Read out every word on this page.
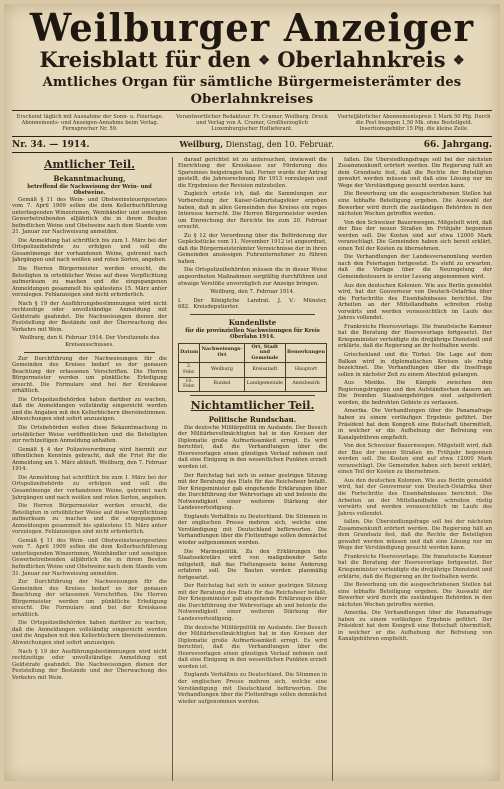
Weilburger Anzeiger
Kreisblatt für den ❖ Oberlahnkreis ❖
Amtliches Organ für sämtliche Bürgermeisterämter des Oberlahnkreises
Erscheint täglich mit Ausnahme der Sonn- u. Feiertage. Abonnements- und Anzeigen-Annahme beim Verlag. Fernsprecher Nr. 59.
Verantwortlicher Redakteur: Fr. Cramer, Weilburg. Druck und Verlag von A. Cramer, Großherzoglich Luxemburgischer Hoflieferant.
Vierteljährlicher Abonnementspreis 1 Mark 50 Pfg. Durch die Post bezogen 1,50 Mk. ohne Bestellgeld. Insertionsgebühr 15 Pfg. die kleine Zeile.
Nr. 34. — 1914.	Weilburg, Dienstag, den 10. Februar.	66. Jahrgang.
Amtlicher Teil.
Bekanntmachung,
betreffend die Nachweisung der Wein- und Obstweine.

Gemäß § 11 des Wein- und Obstweinsteuergesetzes vom 7. April 1909 sollen die dem Kellerbuchführung unterliegenden Winzerinnen, Weinhändler und sonstigen Gewerbetreibenden alljährlich die in ihrem Besitze befindlichen Weine und Obstweine nach dem Stande vom 31. Januar zur Nachweisung anmelden.

Die Anmeldung hat schriftlich bis zum 1. März bei der Ortspolizeibehörde zu erfolgen und soll die Gesamtmenge der vorhandenen Weine, getrennt nach Jahrgängen und nach weißen und roten Sorten, angeben.

Die Herren Bürgermeister werden ersucht, die Beteiligten in ortsüblicher Weise auf diese Verpflichtung aufmerksam zu machen und die eingegangenen Anmeldungen gesammelt bis spätestens 15. März anher vorzulegen. Fehlanzeigen sind nicht erforderlich.

Nach § 19 der Ausführungsbestimmungen wird nicht rechtzeitige oder unvollständige Anmeldung mit Geldstrafe geahndet. Die Nachweisungen dienen der Feststellung der Bestände und der Überwachung des Verkehrs mit Wein.

Weilburg, den 6. Februar 1914. Der Vorsitzende des Kreisausschusses.

Zur Durchführung der Nachweisungen für die Gemeinden des Kreises bedarf es der genauen Beachtung der erlassenen Vorschriften. Die Herren Bürgermeister werden um pünktliche Erledigung ersucht. Die Formulare sind bei der Kreiskasse erhältlich.

Die Ortspolizeibehörden haben darüber zu wachen, daß die Anmeldungen vollständig eingereicht werden und die Angaben mit den Kellerbüchern übereinstimmen. Abweichungen sind sofort anzuzeigen.

Die Ortsbehörden wollen diese Bekanntmachung in ortsüblicher Weise veröffentlichen und die Beteiligten zur rechtzeitigen Anmeldung anhalten.

Gemäß § 4 der Polizeiverordnung wird hiermit zur öffentlichen Kenntnis gebracht, daß die Frist für die Anmeldung am 1. März abläuft. Weilburg, den 7. Februar 1914.

Die Anmeldung hat schriftlich bis zum 1. März bei der Ortspolizeibehörde zu erfolgen und soll die Gesamtmenge der vorhandenen Weine, getrennt nach Jahrgängen und nach weißen und roten Sorten, angeben.

Die Herren Bürgermeister werden ersucht, die Beteiligten in ortsüblicher Weise auf diese Verpflichtung aufmerksam zu machen und die eingegangenen Anmeldungen gesammelt bis spätestens 15. März anher vorzulegen. Fehlanzeigen sind nicht erforderlich.

Gemäß § 11 des Wein- und Obstweinsteuergesetzes vom 7. April 1909 sollen die dem Kellerbuchführung unterliegenden Winzerinnen, Weinhändler und sonstigen Gewerbetreibenden alljährlich die in ihrem Besitze befindlichen Weine und Obstweine nach dem Stande vom 31. Januar zur Nachweisung anmelden.

Zur Durchführung der Nachweisungen für die Gemeinden des Kreises bedarf es der genauen Beachtung der erlassenen Vorschriften. Die Herren Bürgermeister werden um pünktliche Erledigung ersucht. Die Formulare sind bei der Kreiskasse erhältlich.

Die Ortspolizeibehörden haben darüber zu wachen, daß die Anmeldungen vollständig eingereicht werden und die Angaben mit den Kellerbüchern übereinstimmen. Abweichungen sind sofort anzuzeigen.

Nach § 19 der Ausführungsbestimmungen wird nicht rechtzeitige oder unvollständige Anmeldung mit Geldstrafe geahndet. Die Nachweisungen dienen der Feststellung der Bestände und der Überwachung des Verkehrs mit Wein.

darauf gerichtet ist zu untersuchen, inwieweit die Einrichtung der Kreiskasse zur Förderung des Sparsinnes beigetragen hat. Ferner wurde der Antrag gestellt, die Jahresrechnung für 1913 vorzulegen und die Ergebnisse der Revision mitzuteilen.

Zugleich erteile ich, daß die Sammlungen zur Vorbereitung der Kaiser-Geburtstagsfeier ergeben haben, daß in allen Gemeinden des Kreises ein reges Interesse herrscht. Die Herren Bürgermeister werden um Einreichung der Berichte bis zum 20. Februar ersucht.

Zu § 12 der Verordnung über die Beförderung der Gepäckstücke vom 11. November 1912 ist angeordnet, daß die Bürgermeisterämter Verzeichnisse der in ihren Gemeinden ansässigen Fuhrunternehmer zu führen haben.

Die Ortspolizeibehörden müssen die in dieser Weise angeordneten Maßnahmen sorgfältig durchführen und etwaige Verstöße unverzüglich zur Anzeige bringen.

Weilburg, den 7. Februar 1914.

I. 682.
Der Königliche Landrat. J. V.: Münster, Kreisdeputierter.
Kundenliste
für die provinziellen Nachweisungen für Kreis Oberlahn 1914.
Datum	Nachweisungs-Ort	Ort, Stadt und Gemeinde	Bemerkungen
2. Febr.	Weilburg	Kreisstadt	Hauptort
10. Febr.	Runkel	Landgemeinde	Amtsbezirk
Nichtamtlicher Teil.
Politische Rundschau.

Die deutsche Militärpolitik im Auslande. Der Besuch der Militärbevollmächtigten hat in den Kreisen der Diplomatie große Aufmerksamkeit erregt. Es wird berichtet, daß die Verhandlungen über die Heeresvorlagen einen günstigen Verlauf nehmen und daß eine Einigung in den wesentlichen Punkten erzielt worden ist.

Der Reichstag hat sich in seiner gestrigen Sitzung mit der Beratung des Etats für das Reichsheer befaßt. Der Kriegsminister gab eingehende Erklärungen über die Durchführung der Wehrvorlage ab und betonte die Notwendigkeit einer weiteren Stärkung der Landesverteidigung.

Englands Verhältnis zu Deutschland. Die Stimmen in der englischen Presse mehren sich, welche eine Verständigung mit Deutschland befürworten. Die Verhandlungen über die Flottenfrage sollen demnächst wieder aufgenommen werden.

Die Marinepolitik. Zu den Erklärungen des Staatssekretärs wird von maßgebender Seite mitgeteilt, daß das Flottengesetz keine Änderung erfahren soll. Die Bauten werden planmäßig fortgesetzt.

Der Reichstag hat sich in seiner gestrigen Sitzung mit der Beratung des Etats für das Reichsheer befaßt. Der Kriegsminister gab eingehende Erklärungen über die Durchführung der Wehrvorlage ab und betonte die Notwendigkeit einer weiteren Stärkung der Landesverteidigung.

Die deutsche Militärpolitik im Auslande. Der Besuch der Militärbevollmächtigten hat in den Kreisen der Diplomatie große Aufmerksamkeit erregt. Es wird berichtet, daß die Verhandlungen über die Heeresvorlagen einen günstigen Verlauf nehmen und daß eine Einigung in den wesentlichen Punkten erzielt worden ist.

Englands Verhältnis zu Deutschland. Die Stimmen in der englischen Presse mehren sich, welche eine Verständigung mit Deutschland befürworten. Die Verhandlungen über die Flottenfrage sollen demnächst wieder aufgenommen werden.

fallen. Die Übersiedlungsfrage soll bei der nächsten Zusammenkunft erörtert werden. Die Regierung hält an dem Grundsatz fest, daß die Rechte der Beteiligten gewahrt werden müssen und daß eine Lösung nur im Wege der Verständigung gesucht werden kann.

Die Bewerbung um die ausgeschriebenen Stellen hat eine lebhafte Beteiligung ergeben. Die Auswahl der Bewerber wird durch die zuständigen Behörden in den nächsten Wochen getroffen werden.

Von den Schweizer Bauernwegen. Mitgeteilt wird, daß der Bau der neuen Straßen im Frühjahr begonnen werden soll. Die Kosten sind auf etwa 12000 Mark veranschlagt. Die Gemeinden haben sich bereit erklärt, einen Teil der Kosten zu übernehmen.

Die Verhandlungen der Landesversammlung werden nach den Feiertagen fortgesetzt. Es steht zu erwarten, daß die Vorlage über die Neuregelung der Gemeindesteuern in erster Lesung angenommen wird.

Aus den deutschen Kolonien. Wie aus Berlin gemeldet wird, hat der Gouverneur von Deutsch-Ostafrika über die Fortschritte des Eisenbahnbaues berichtet. Die Arbeiten an der Mittellandbahn schreiten rüstig vorwärts und werden voraussichtlich im Laufe des Jahres vollendet.

Frankreichs Heeresvorlage. Die französische Kammer hat die Beratung der Heeresvorlage fortgesetzt. Der Kriegsminister verteidigte die dreijährige Dienstzeit und erklärte, daß die Regierung an ihr festhalten werde.

Griechenland und die Türkei. Die Lage auf dem Balkan wird in diplomatischen Kreisen als ruhig bezeichnet. Die Verhandlungen über die Inselfrage sollen in nächster Zeit zu einem Abschluß gelangen.

Aus Mexiko. Die Kämpfe zwischen den Regierungstruppen und den Aufständischen dauern an. Die fremden Staatsangehörigen sind aufgefordert worden, die bedrohten Gebiete zu verlassen.

Amerika. Die Verhandlungen über die Panamafrage haben zu einem vorläufigen Ergebnis geführt. Der Präsident hat dem Kongreß eine Botschaft übermittelt, in welcher er die Aufhebung der Befreiung von Kanalgebühren empfiehlt.

Von den Schweizer Bauernwegen. Mitgeteilt wird, daß der Bau der neuen Straßen im Frühjahr begonnen werden soll. Die Kosten sind auf etwa 12000 Mark veranschlagt. Die Gemeinden haben sich bereit erklärt, einen Teil der Kosten zu übernehmen.

Aus den deutschen Kolonien. Wie aus Berlin gemeldet wird, hat der Gouverneur von Deutsch-Ostafrika über die Fortschritte des Eisenbahnbaues berichtet. Die Arbeiten an der Mittellandbahn schreiten rüstig vorwärts und werden voraussichtlich im Laufe des Jahres vollendet.

fallen. Die Übersiedlungsfrage soll bei der nächsten Zusammenkunft erörtert werden. Die Regierung hält an dem Grundsatz fest, daß die Rechte der Beteiligten gewahrt werden müssen und daß eine Lösung nur im Wege der Verständigung gesucht werden kann.

Frankreichs Heeresvorlage. Die französische Kammer hat die Beratung der Heeresvorlage fortgesetzt. Der Kriegsminister verteidigte die dreijährige Dienstzeit und erklärte, daß die Regierung an ihr festhalten werde.

Die Bewerbung um die ausgeschriebenen Stellen hat eine lebhafte Beteiligung ergeben. Die Auswahl der Bewerber wird durch die zuständigen Behörden in den nächsten Wochen getroffen werden.

Amerika. Die Verhandlungen über die Panamafrage haben zu einem vorläufigen Ergebnis geführt. Der Präsident hat dem Kongreß eine Botschaft übermittelt, in welcher er die Aufhebung der Befreiung von Kanalgebühren empfiehlt.
